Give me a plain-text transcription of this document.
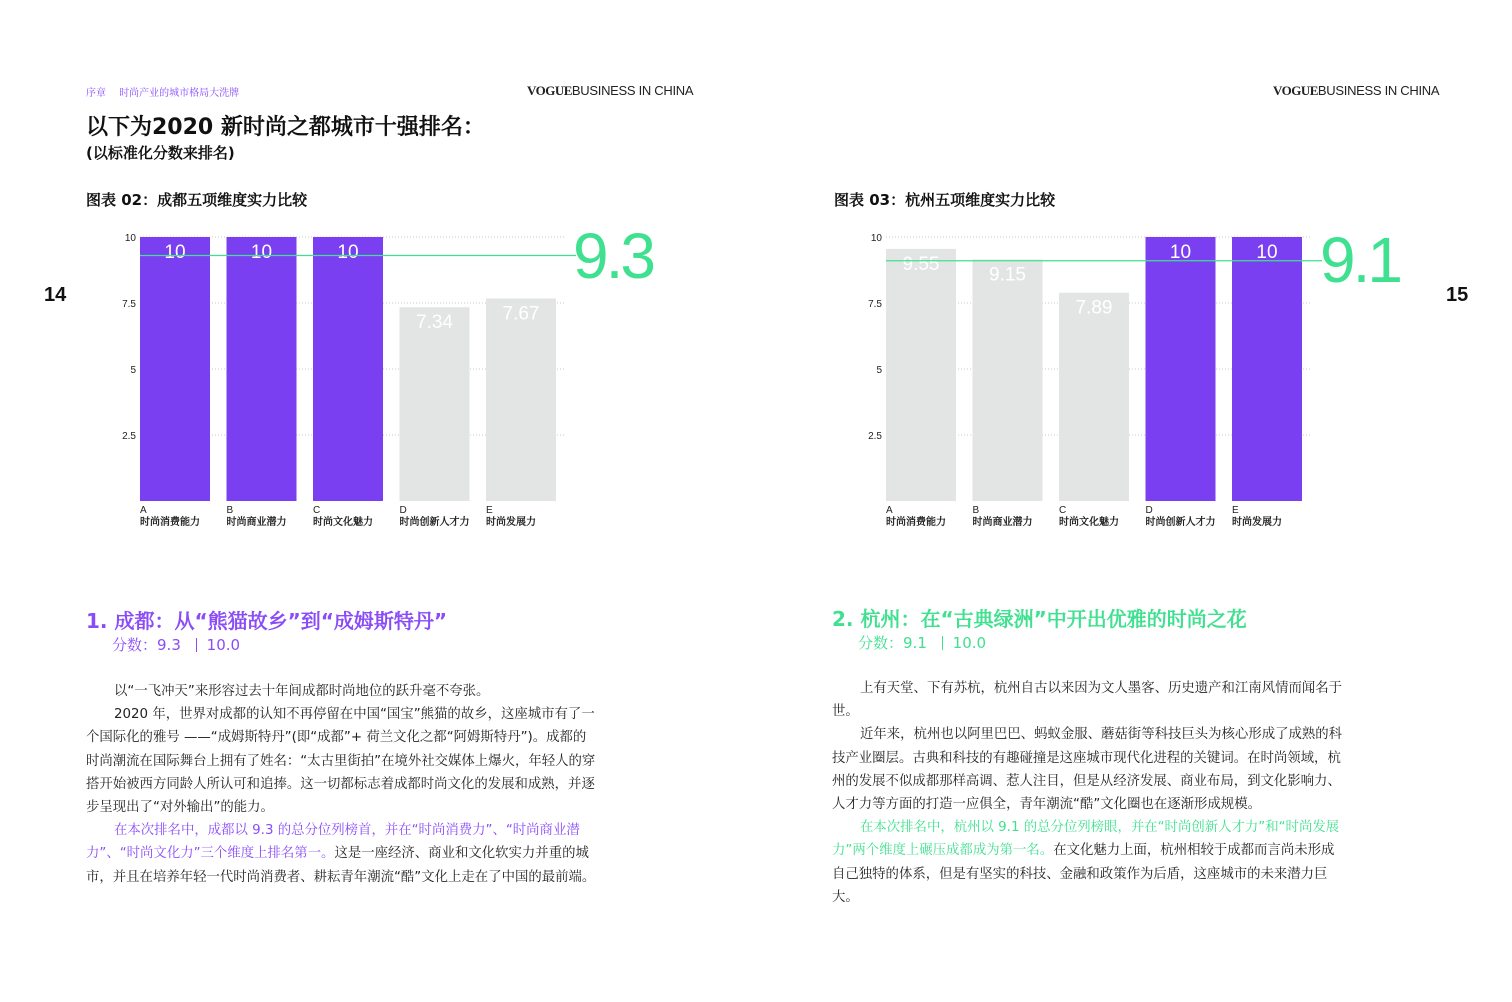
序章 时尚产业的城市格局大洗牌	VOGUEBUSINESS IN CHINA	VOGUEBUSINESS IN CHINA
14	15
以下为2020 新时尚之都城市十强排名：
(以标准化分数来排名)
图表 02：成都五项维度实力比较
10
7.5
5
2.5
10
A
时尚消费能力
10
B
时尚商业潜力
10
C
时尚文化魅力
7.34
D
时尚创新人才力
7.67
E
时尚发展力
9.3
图表 03：杭州五项维度实力比较
10
7.5
5
2.5
9.55
A
时尚消费能力
9.15
B
时尚商业潜力
7.89
C
时尚文化魅力
10
D
时尚创新人才力
10
E
时尚发展力
9.1
1. 成都：从“熊猫故乡”到“成姆斯特丹”
分数：9.3 10.0

以“一飞冲天”来形容过去十年间成都时尚地位的跃升毫不夸张。

2020 年，世界对成都的认知不再停留在中国“国宝”熊猫的故乡，这座城市有了一个国际化的雅号 ——“成姆斯特丹”(即“成都”+ 荷兰文化之都“阿姆斯特丹”)。成都的时尚潮流在国际舞台上拥有了姓名：“太古里街拍”在境外社交媒体上爆火，年轻人的穿搭开始被西方同龄人所认可和追捧。这一切都标志着成都时尚文化的发展和成熟，并逐步呈现出了“对外输出”的能力。

在本次排名中，成都以 9.3 的总分位列榜首，并在“时尚消费力”、“时尚商业潜力”、“时尚文化力”三个维度上排名第一。这是一座经济、商业和文化软实力并重的城市，并且在培养年轻一代时尚消费者、耕耘青年潮流“酷”文化上走在了中国的最前端。

2. 杭州：在“古典绿洲”中开出优雅的时尚之花
分数：9.1 10.0

上有天堂、下有苏杭，杭州自古以来因为文人墨客、历史遗产和江南风情而闻名于世。

近年来，杭州也以阿里巴巴、蚂蚁金服、蘑菇街等科技巨头为核心形成了成熟的科技产业圈层。古典和科技的有趣碰撞是这座城市现代化进程的关键词。在时尚领域，杭州的发展不似成都那样高调、惹人注目，但是从经济发展、商业布局，到文化影响力、人才力等方面的打造一应俱全，青年潮流“酷”文化圈也在逐渐形成规模。

在本次排名中，杭州以 9.1 的总分位列榜眼，并在“时尚创新人才力”和“时尚发展力”两个维度上碾压成都成为第一名。在文化魅力上面，杭州相较于成都而言尚未形成自己独特的体系，但是有坚实的科技、金融和政策作为后盾，这座城市的未来潜力巨大。
